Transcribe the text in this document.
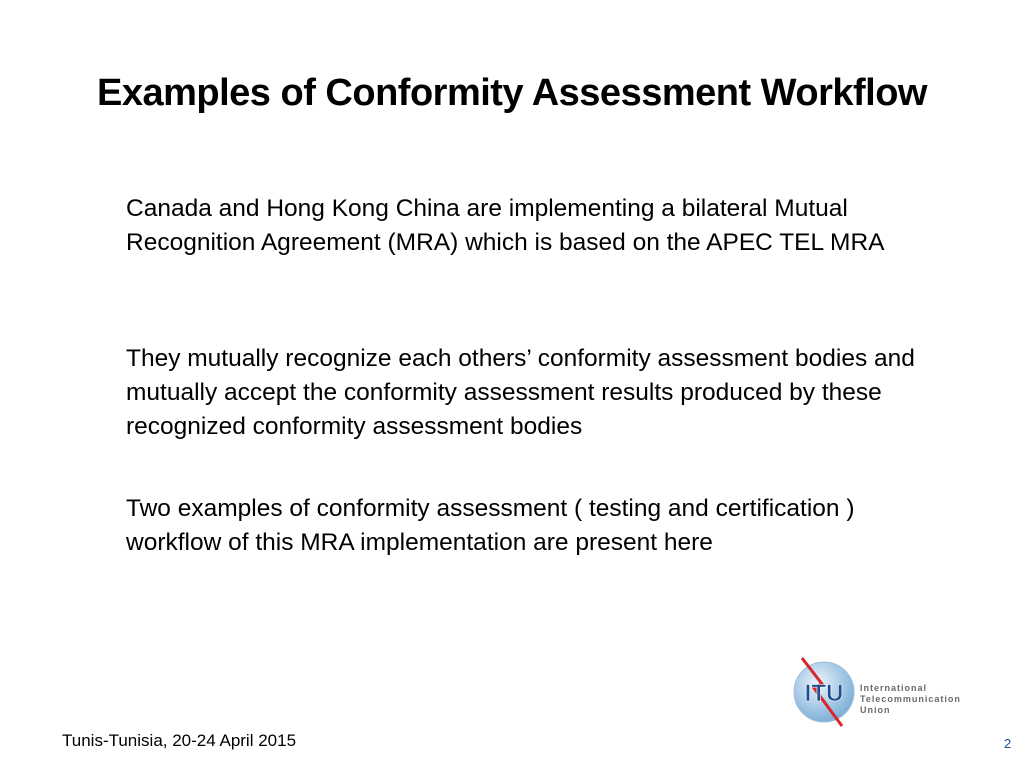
Examples of Conformity Assessment Workflow
Canada and Hong Kong China are implementing a bilateral Mutual Recognition Agreement (MRA) which is based on the APEC TEL MRA
They mutually recognize each others’ conformity assessment bodies and mutually accept the conformity assessment results produced by these recognized conformity assessment bodies
Two examples of conformity assessment ( testing and certification ) workflow of this MRA implementation are present here
ITU International
Telecommunication
Union
Tunis-Tunisia, 20-24 April 2015	2
